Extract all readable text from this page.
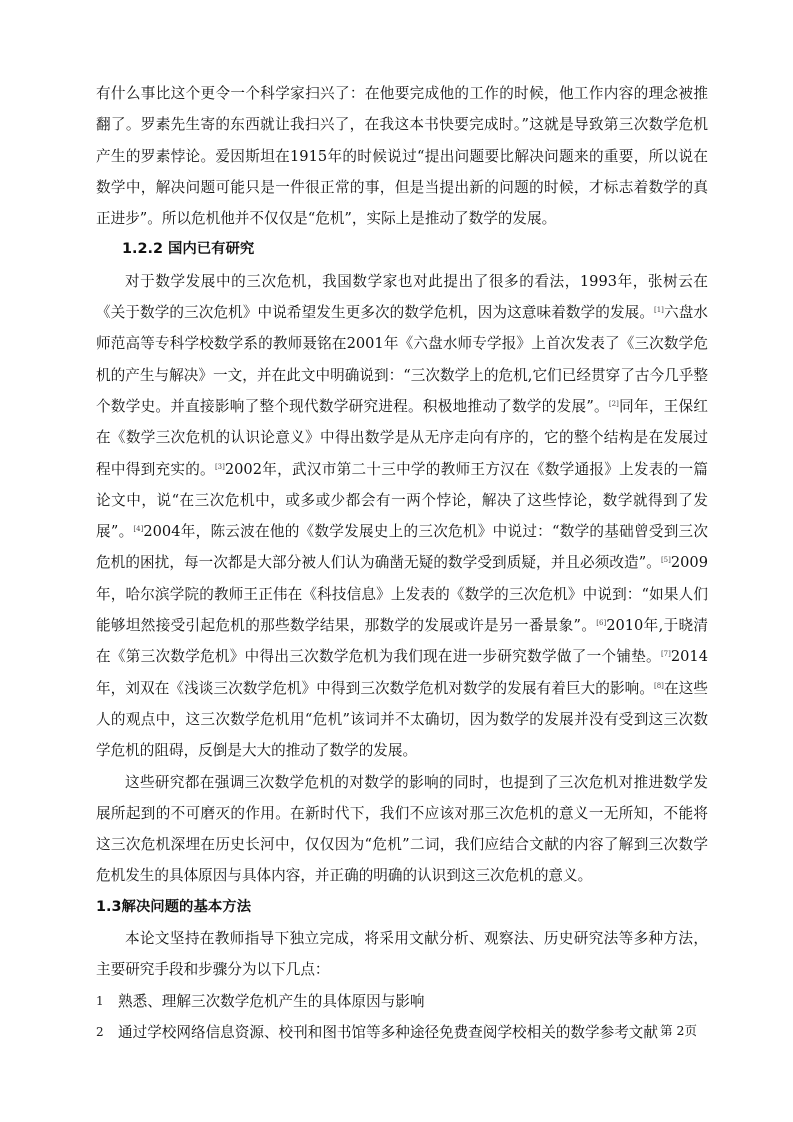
有什么事比这个更令一个科学家扫兴了：在他要完成他的工作的时候，他工作内容的理念被推翻了。罗素先生寄的东西就让我扫兴了，在我这本书快要完成时。”这就是导致第三次数学危机产生的罗素悖论。爱因斯坦在1915年的时候说过“提出问题要比解决问题来的重要，所以说在数学中，解决问题可能只是一件很正常的事，但是当提出新的问题的时候，才标志着数学的真正进步”。所以危机他并不仅仅是“危机”，实际上是推动了数学的发展。

1.2.2 国内已有研究

对于数学发展中的三次危机，我国数学家也对此提出了很多的看法，1993年，张树云在《关于数学的三次危机》中说希望发生更多次的数学危机，因为这意味着数学的发展。[1]六盘水师范高等专科学校数学系的教师聂铭在2001年《六盘水师专学报》上首次发表了《三次数学危机的产生与解决》一文，并在此文中明确说到：“三次数学上的危机,它们已经贯穿了古今几乎整个数学史。并直接影响了整个现代数学研究进程。积极地推动了数学的发展”。[2]同年，王保红在《数学三次危机的认识论意义》中得出数学是从无序走向有序的，它的整个结构是在发展过程中得到充实的。[3]2002年，武汉市第二十三中学的教师王方汉在《数学通报》上发表的一篇论文中，说“在三次危机中，或多或少都会有一两个悖论，解决了这些悖论，数学就得到了发展”。[4]2004年，陈云波在他的《数学发展史上的三次危机》中说过：“数学的基础曾受到三次危机的困扰，每一次都是大部分被人们认为确凿无疑的数学受到质疑，并且必须改造”。[5]2009年，哈尔滨学院的教师王正伟在《科技信息》上发表的《数学的三次危机》中说到：“如果人们能够坦然接受引起危机的那些数学结果，那数学的发展或许是另一番景象”。[6]2010年,于晓清在《第三次数学危机》中得出三次数学危机为我们现在进一步研究数学做了一个铺垫。[7]2014年，刘双在《浅谈三次数学危机》中得到三次数学危机对数学的发展有着巨大的影响。[8]在这些人的观点中，这三次数学危机用“危机”该词并不太确切，因为数学的发展并没有受到这三次数学危机的阻碍，反倒是大大的推动了数学的发展。

这些研究都在强调三次数学危机的对数学的影响的同时，也提到了三次危机对推进数学发展所起到的不可磨灭的作用。在新时代下，我们不应该对那三次危机的意义一无所知，不能将这三次危机深埋在历史长河中，仅仅因为“危机”二词，我们应结合文献的内容了解到三次数学危机发生的具体原因与具体内容，并正确的明确的认识到这三次危机的意义。

1.3解决问题的基本方法

本论文坚持在教师指导下独立完成，将采用文献分析、观察法、历史研究法等多种方法，主要研究手段和步骤分为以下几点：

1 熟悉、理解三次数学危机产生的具体原因与影响
2 通过学校网络信息资源、校刊和图书馆等多种途径免费查阅学校相关的数学参考文献 第 2页
